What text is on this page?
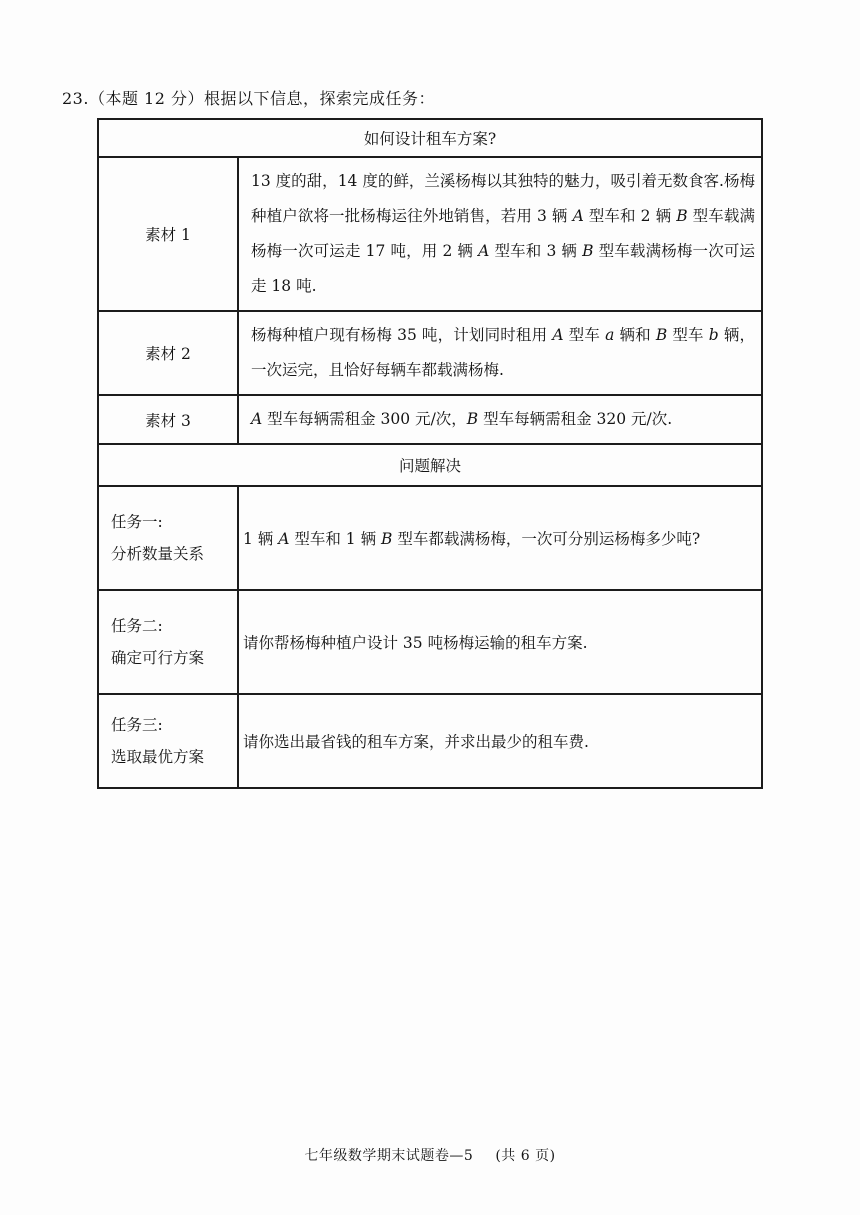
23.（本题 12 分）根据以下信息，探索完成任务：
如何设计租车方案?	
素材 1	13 度的甜，14 度的鲜，兰溪杨梅以其独特的魅力，吸引着无数食客.杨梅种植户欲将一批杨梅运往外地销售，若用 3 辆 A 型车和 2 辆 B 型车载满杨梅一次可运走 17 吨，用 2 辆 A 型车和 3 辆 B 型车载满杨梅一次可运走 18 吨.
素材 2	杨梅种植户现有杨梅 35 吨，计划同时租用 A 型车 a 辆和 B 型车 b 辆，一次运完，且恰好每辆车都载满杨梅.
素材 3	A 型车每辆需租金 300 元/次，B 型车每辆需租金 320 元/次.
问题解决	

任务一:
分析数量关系	1 辆 A 型车和 1 辆 B 型车都载满杨梅，一次可分别运杨梅多少吨?

任务二:
确定可行方案	请你帮杨梅种植户设计 35 吨杨梅运输的租车方案.

任务三:
选取最优方案	请你选出最省钱的租车方案，并求出最少的租车费.
七年级数学期末试题卷—5 (共 6 页)
